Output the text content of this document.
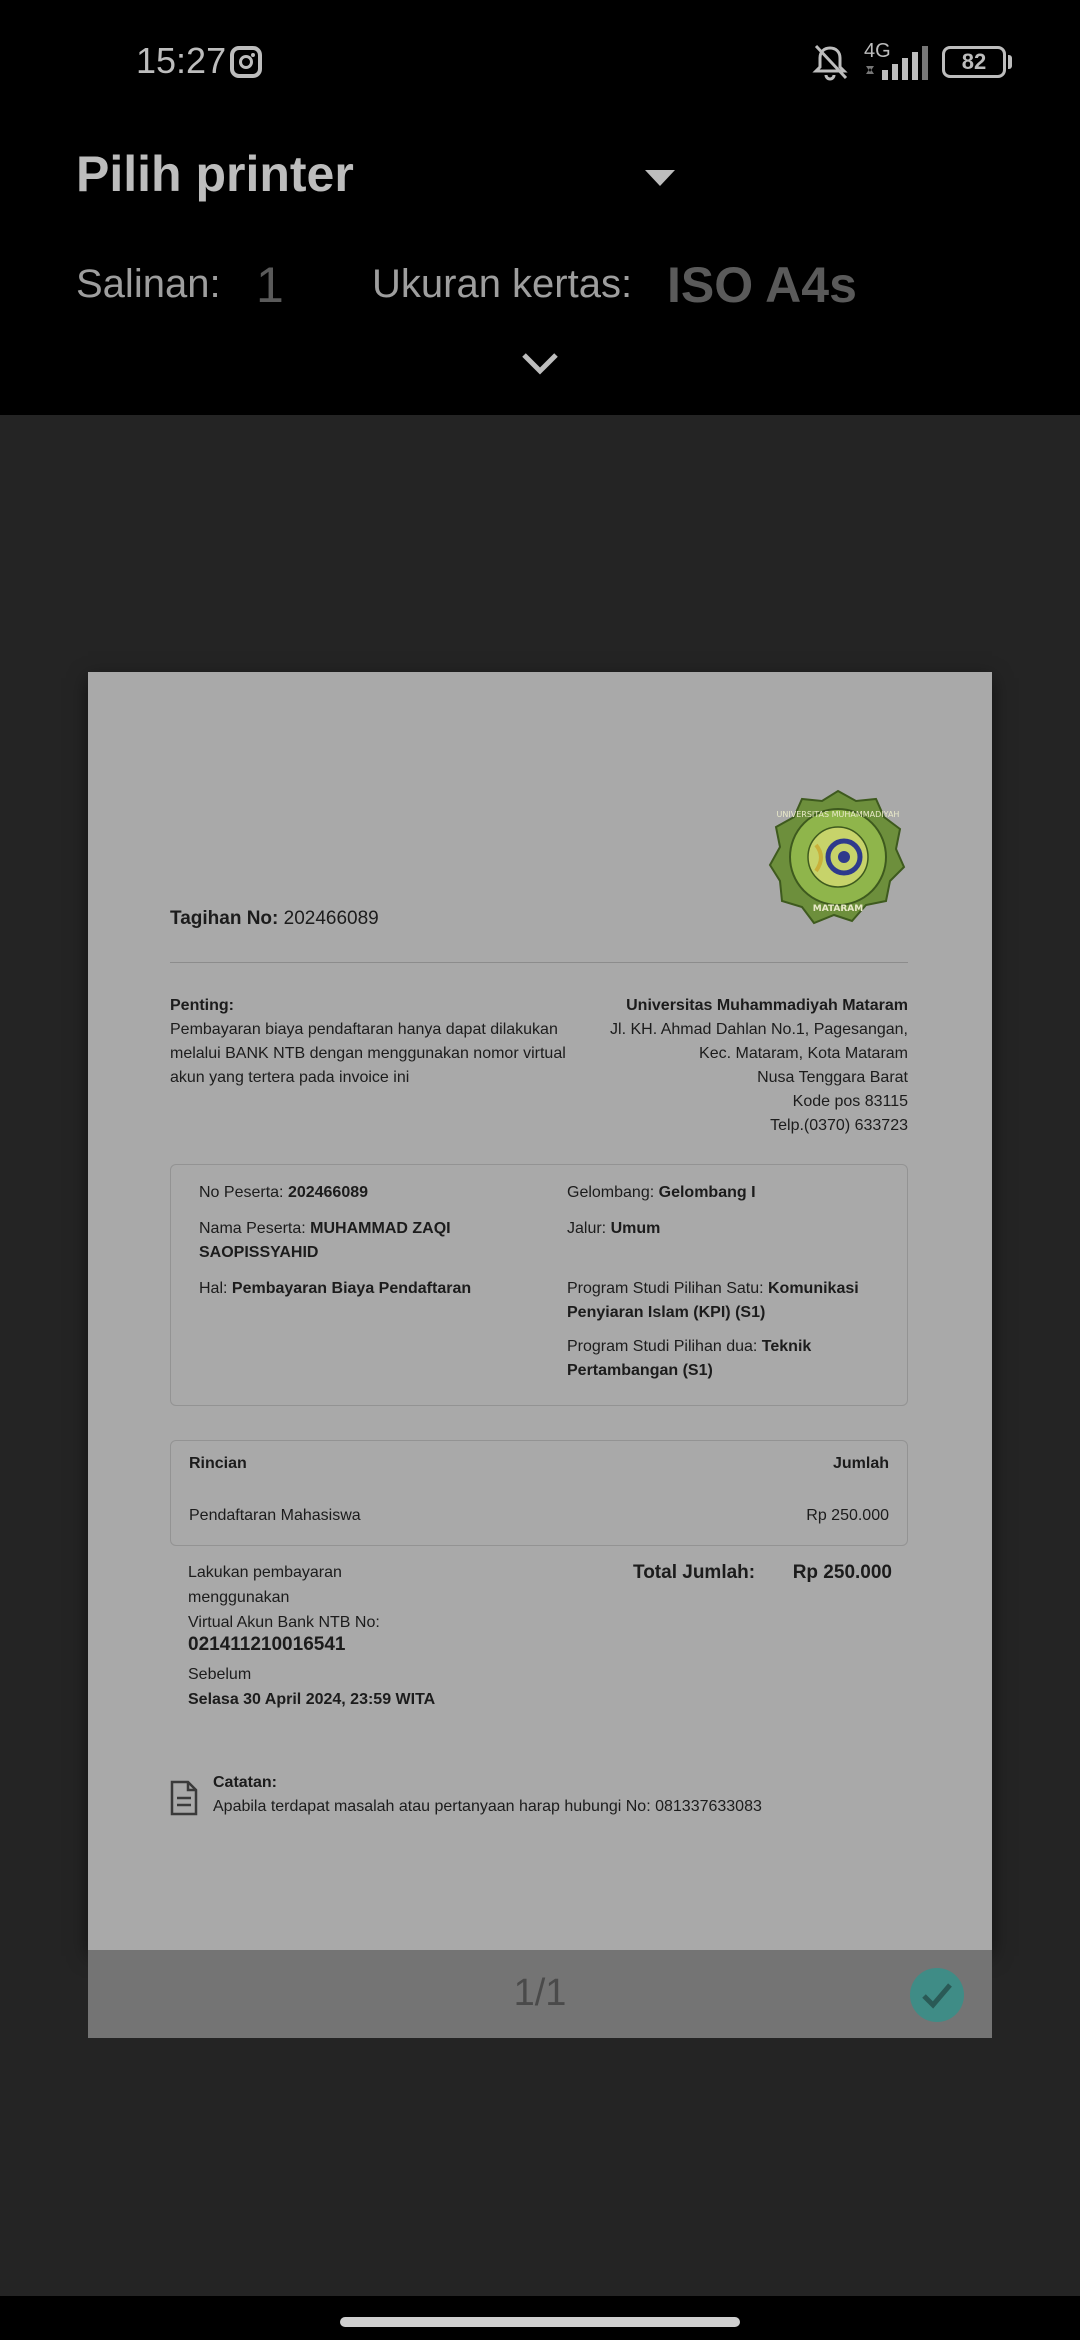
15:27	4G	82
Pilih printer
Salinan: 1 Ukuran kertas: ISO A4s
UNIVERSITAS MUHAMMADIYAH
MATARAM
Tagihan No: 202466089
Penting:
Pembayaran biaya pendaftaran hanya dapat dilakukan melalui BANK NTB dengan menggunakan nomor virtual akun yang tertera pada invoice ini
Universitas Muhammadiyah Mataram
Jl. KH. Ahmad Dahlan No.1, Pagesangan,
Kec. Mataram, Kota Mataram
Nusa Tenggara Barat
Kode pos 83115
Telp.(0370) 633723
No Peserta: 202466089
Nama Peserta: MUHAMMAD ZAQI SAOPISSYAHID
Hal: Pembayaran Biaya Pendaftaran
Gelombang: Gelombang I
Jalur: Umum
Program Studi Pilihan Satu: Komunikasi Penyiaran Islam (KPI) (S1)
Program Studi Pilihan dua: Teknik Pertambangan (S1)
Rincian	Jumlah
Pendaftaran Mahasiswa	Rp 250.000
Lakukan pembayaran menggunakan
Virtual Akun Bank NTB No:
021411210016541
Sebelum
Selasa 30 April 2024, 23:59 WITA
Total Jumlah: Rp 250.000
Catatan:
Apabila terdapat masalah atau pertanyaan harap hubungi No: 081337633083
1/1
